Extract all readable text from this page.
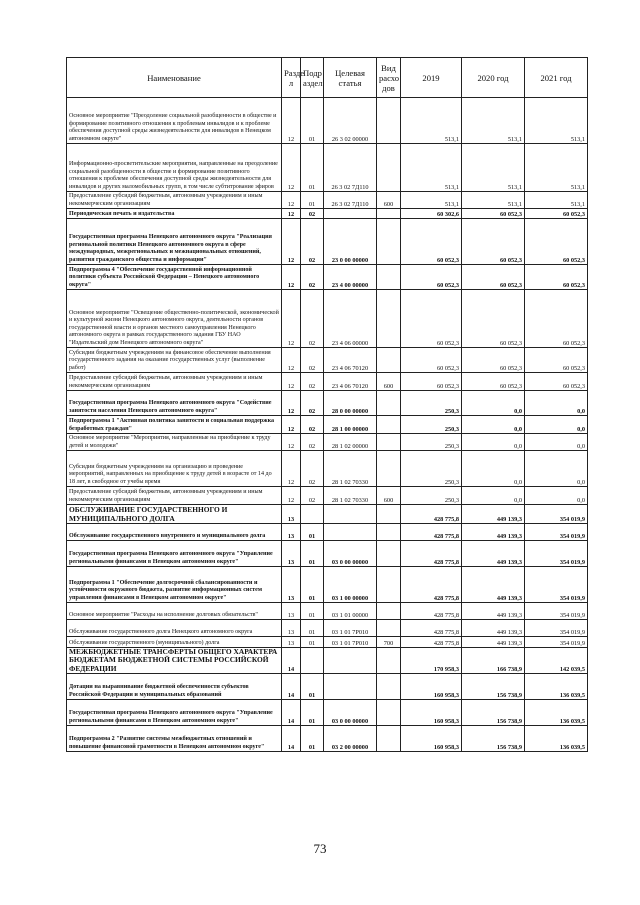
Наименование	Разде л	Подр аздел	Целевая статья	Вид расхо дов	2019	2020 год	2021 год
Основное мероприятие "Преодоление социальной разобщенности в обществе и формирование позитивного отношения к проблемам инвалидов и к проблеме обеспечения доступной среды жизнедеятельности для инвалидов в Ненецком автономном округе"	12	01	26 3 02 00000		513,1	513,1	513,1
Информационно-просветительские мероприятия, направленные на преодоление социальной разобщенности в обществе и формирование позитивного отношения к проблеме обеспечения доступной среды жизнедеятельности для инвалидов и других маломобильных групп, в том числе субтитрование эфиров	12	01	26 3 02 7Д110		513,1	513,1	513,1
Предоставление субсидий бюджетным, автономным учреждениям и иным некоммерческим организациям	12	01	26 3 02 7Д110	600	513,1	513,1	513,1
Периодическая печать и издательства	12	02			60 302,6	60 052,3	60 052,3
Государственная программа Ненецкого автономного округа "Реализация региональной политики Ненецкого автономного округа в сфере международных, межрегиональных и межнациональных отношений, развития гражданского общества и информации"	12	02	23 0 00 00000		60 052,3	60 052,3	60 052,3
Подпрограмма 4 "Обеспечение государственной информационной политики субъекта Российской Федерации – Ненецкого автономного округа"	12	02	23 4 00 00000		60 052,3	60 052,3	60 052,3
Основное мероприятие "Освещение общественно-политической, экономической и культурной жизни Ненецкого автономного округа, деятельности органов государственной власти и органов местного самоуправления Ненецкого автономного округа в рамках государственного задания ГБУ НАО "Издательский дом Ненецкого автономного округа"	12	02	23 4 06 00000		60 052,3	60 052,3	60 052,3
Субсидии бюджетным учреждениям на финансовое обеспечение выполнения государственного задания на оказание государственных услуг (выполнение работ)	12	02	23 4 06 70120		60 052,3	60 052,3	60 052,3
Предоставление субсидий бюджетным, автономным учреждениям и иным некоммерческим организациям	12	02	23 4 06 70120	600	60 052,3	60 052,3	60 052,3
Государственная программа Ненецкого автономного округа "Содействие занятости населения Ненецкого автономного округа"	12	02	28 0 00 00000		250,3	0,0	0,0
Подпрограмма 1 "Активная политика занятости и социальная поддержка безработных граждан"	12	02	28 1 00 00000		250,3	0,0	0,0
Основное мероприятие "Мероприятия, направленные на приобщение к труду детей и молодежи"	12	02	28 1 02 00000		250,3	0,0	0,0
Субсидии бюджетным учреждениям на организацию и проведение мероприятий, направленных на приобщение к труду детей в возрасте от 14 до 18 лет, в свободное от учебы время	12	02	28 1 02 70330		250,3	0,0	0,0
Предоставление субсидий бюджетным, автономным учреждениям и иным некоммерческим организациям	12	02	28 1 02 70330	600	250,3	0,0	0,0
ОБСЛУЖИВАНИЕ ГОСУДАРСТВЕННОГО И МУНИЦИПАЛЬНОГО ДОЛГА	13				428 775,8	449 139,3	354 019,9
Обслуживание государственного внутреннего и муниципального долга	13	01			428 775,8	449 139,3	354 019,9
Государственная программа Ненецкого автономного округа "Управление региональными финансами в Ненецком автономном округе"	13	01	03 0 00 00000		428 775,8	449 139,3	354 019,9
Подпрограмма 1 "Обеспечение долгосрочной сбалансированности и устойчивости окружного бюджета, развитие информационных систем управления финансами в Ненецком автономном округе"	13	01	03 1 00 00000		428 775,8	449 139,3	354 019,9
Основное мероприятие "Расходы на исполнение долговых обязательств"	13	01	03 1 01 00000		428 775,8	449 139,3	354 019,9
Обслуживание государственного долга Ненецкого автономного округа	13	01	03 1 01 7Р010		428 775,8	449 139,3	354 019,9
Обслуживание государственного (муниципального) долга	13	01	03 1 01 7Р010	700	428 775,8	449 139,3	354 019,9
МЕЖБЮДЖЕТНЫЕ ТРАНСФЕРТЫ ОБЩЕГО ХАРАКТЕРА БЮДЖЕТАМ БЮДЖЕТНОЙ СИСТЕМЫ РОССИЙСКОЙ ФЕДЕРАЦИИ	14				170 958,3	166 738,9	142 039,5
Дотации на выравнивание бюджетной обеспеченности субъектов Российской Федерации и муниципальных образований	14	01			160 958,3	156 738,9	136 039,5
Государственная программа Ненецкого автономного округа "Управление региональными финансами в Ненецком автономном округе"	14	01	03 0 00 00000		160 958,3	156 738,9	136 039,5
Подпрограмма 2 "Развитие системы межбюджетных отношений и повышение финансовой грамотности в Ненецком автономном округе"	14	01	03 2 00 00000		160 958,3	156 738,9	136 039,5
73
